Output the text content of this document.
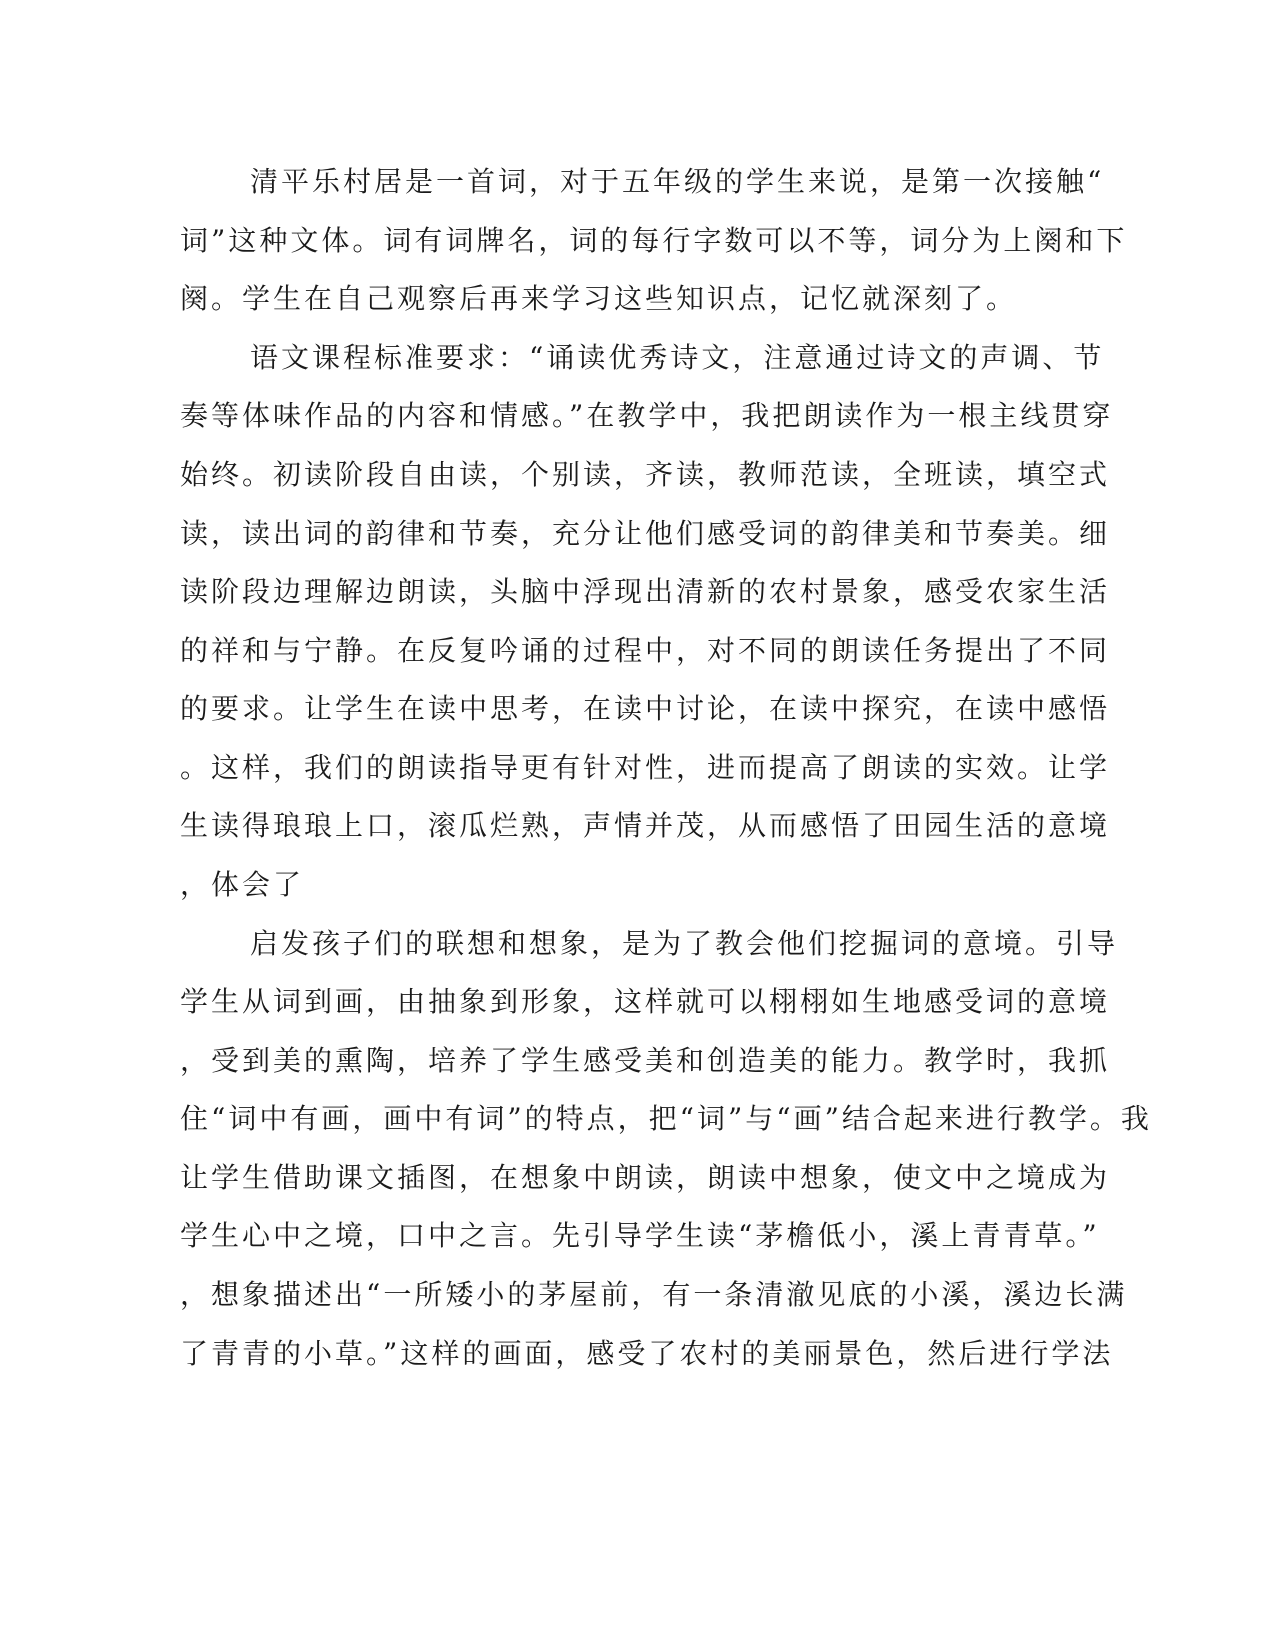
清平乐村居是一首词，对于五年级的学生来说，是第一次接触“
词”这种文体。词有词牌名，词的每行字数可以不等，词分为上阕和下
阕。学生在自己观察后再来学习这些知识点，记忆就深刻了。
语文课程标准要求：“诵读优秀诗文，注意通过诗文的声调、节
奏等体味作品的内容和情感。”在教学中，我把朗读作为一根主线贯穿
始终。初读阶段自由读，个别读，齐读，教师范读，全班读，填空式
读，读出词的韵律和节奏，充分让他们感受词的韵律美和节奏美。细
读阶段边理解边朗读，头脑中浮现出清新的农村景象，感受农家生活
的祥和与宁静。在反复吟诵的过程中，对不同的朗读任务提出了不同
的要求。让学生在读中思考，在读中讨论，在读中探究，在读中感悟
。这样，我们的朗读指导更有针对性，进而提高了朗读的实效。让学
生读得琅琅上口，滚瓜烂熟，声情并茂，从而感悟了田园生活的意境
，体会了
启发孩子们的联想和想象，是为了教会他们挖掘词的意境。引导
学生从词到画，由抽象到形象，这样就可以栩栩如生地感受词的意境
，受到美的熏陶，培养了学生感受美和创造美的能力。教学时，我抓
住“词中有画，画中有词”的特点，把“词”与“画”结合起来进行教学。我
让学生借助课文插图，在想象中朗读，朗读中想象，使文中之境成为
学生心中之境，口中之言。先引导学生读“茅檐低小，溪上青青草。”
，想象描述出“一所矮小的茅屋前，有一条清澈见底的小溪，溪边长满
了青青的小草。”这样的画面，感受了农村的美丽景色，然后进行学法
